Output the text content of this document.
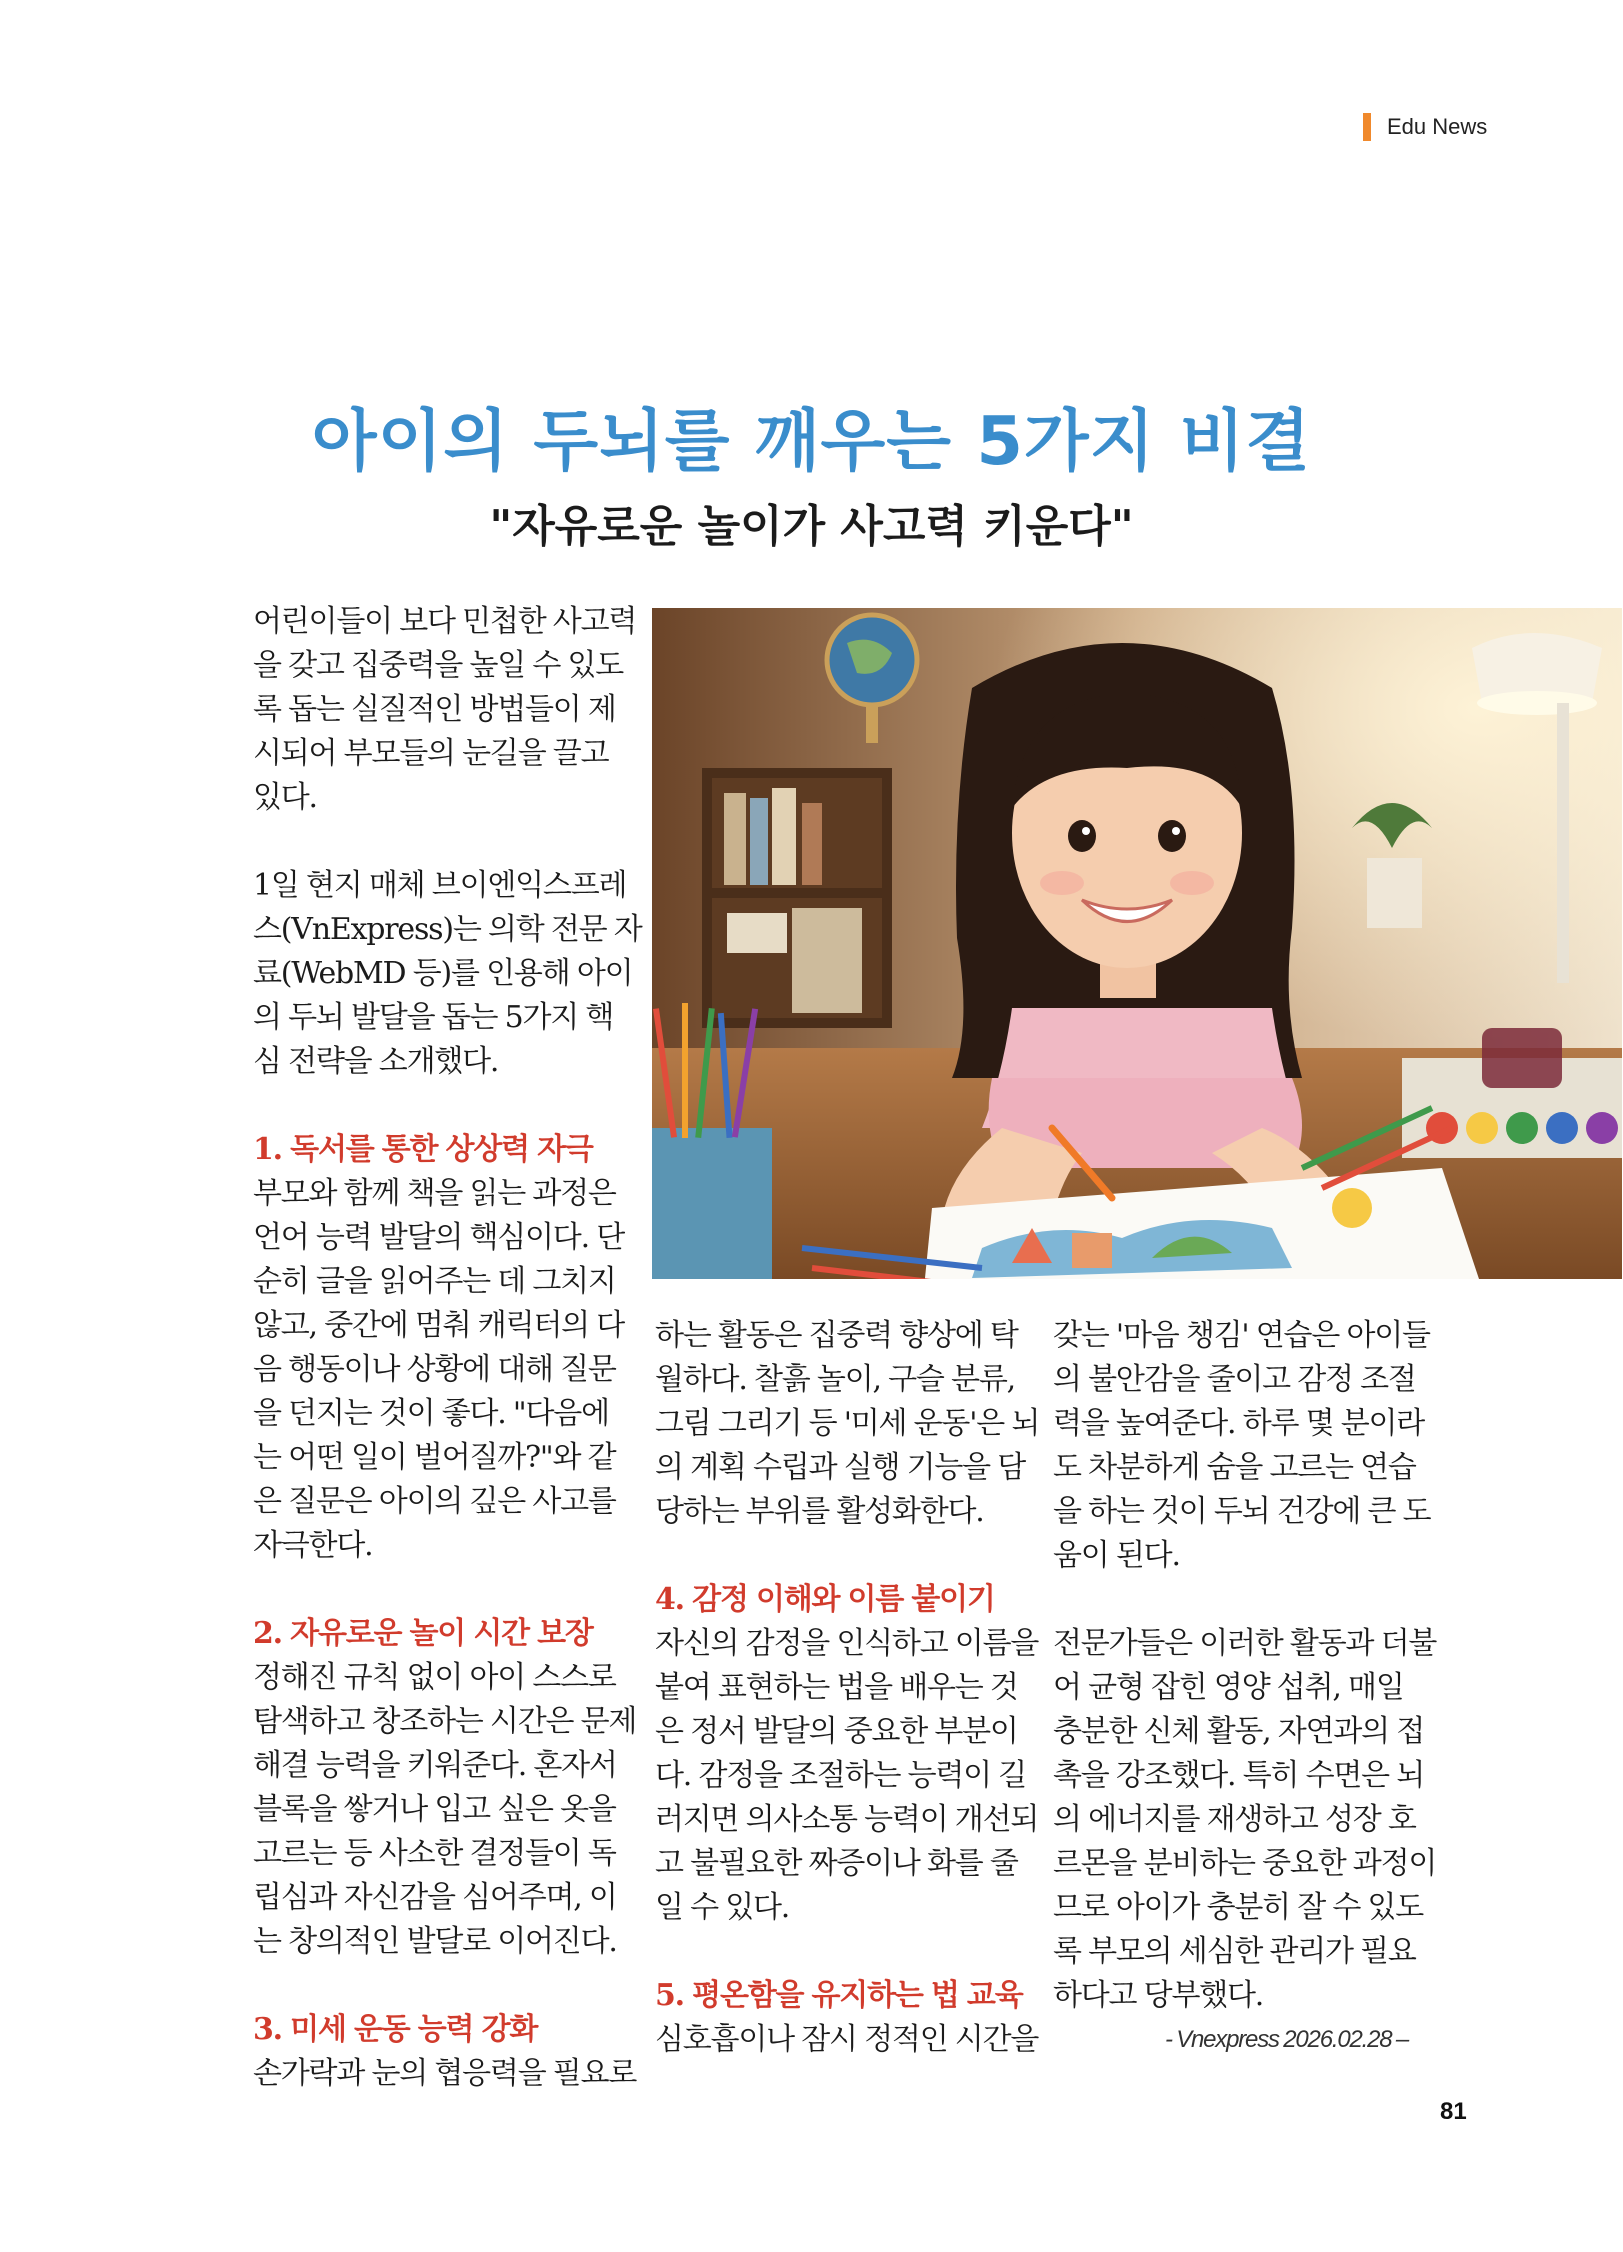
Edu News
아이의 두뇌를 깨우는 5가지 비결
"자유로운 놀이가 사고력 키운다"
어린이들이 보다 민첩한 사고력
을 갖고 집중력을 높일 수 있도
록 돕는 실질적인 방법들이 제
시되어 부모들의 눈길을 끌고
있다.
1일 현지 매체 브이엔익스프레
스(VnExpress)는 의학 전문 자
료(WebMD 등)를 인용해 아이
의 두뇌 발달을 돕는 5가지 핵
심 전략을 소개했다.
1. 독서를 통한 상상력 자극
부모와 함께 책을 읽는 과정은
언어 능력 발달의 핵심이다. 단
순히 글을 읽어주는 데 그치지
않고, 중간에 멈춰 캐릭터의 다
음 행동이나 상황에 대해 질문
을 던지는 것이 좋다. "다음에
는 어떤 일이 벌어질까?"와 같
은 질문은 아이의 깊은 사고를
자극한다.
2. 자유로운 놀이 시간 보장
정해진 규칙 없이 아이 스스로
탐색하고 창조하는 시간은 문제
해결 능력을 키워준다. 혼자서
블록을 쌓거나 입고 싶은 옷을
고르는 등 사소한 결정들이 독
립심과 자신감을 심어주며, 이
는 창의적인 발달로 이어진다.
3. 미세 운동 능력 강화
손가락과 눈의 협응력을 필요로
하는 활동은 집중력 향상에 탁
월하다. 찰흙 놀이, 구슬 분류,
그림 그리기 등 '미세 운동'은 뇌
의 계획 수립과 실행 기능을 담
당하는 부위를 활성화한다.
4. 감정 이해와 이름 붙이기
자신의 감정을 인식하고 이름을
붙여 표현하는 법을 배우는 것
은 정서 발달의 중요한 부분이
다. 감정을 조절하는 능력이 길
러지면 의사소통 능력이 개선되
고 불필요한 짜증이나 화를 줄
일 수 있다.
5. 평온함을 유지하는 법 교육
심호흡이나 잠시 정적인 시간을
갖는 '마음 챙김' 연습은 아이들
의 불안감을 줄이고 감정 조절
력을 높여준다. 하루 몇 분이라
도 차분하게 숨을 고르는 연습
을 하는 것이 두뇌 건강에 큰 도
움이 된다.
전문가들은 이러한 활동과 더불
어 균형 잡힌 영양 섭취, 매일
충분한 신체 활동, 자연과의 접
촉을 강조했다. 특히 수면은 뇌
의 에너지를 재생하고 성장 호
르몬을 분비하는 중요한 과정이
므로 아이가 충분히 잘 수 있도
록 부모의 세심한 관리가 필요
하다고 당부했다.
- Vnexpress 2026.02.28 –
81
